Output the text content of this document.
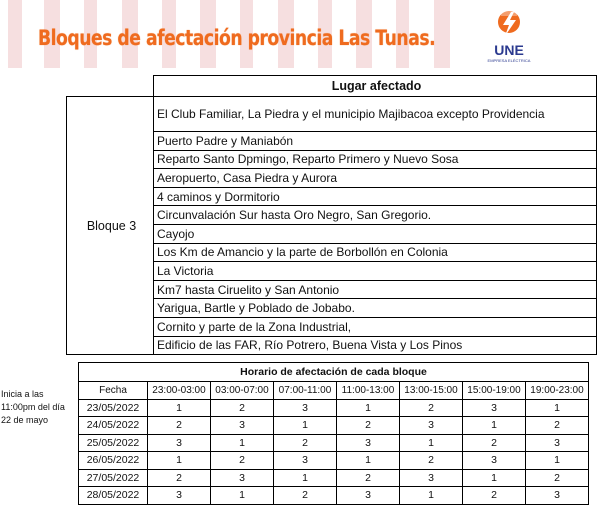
Bloques de afectación provincia Las Tunas.	UNE
EMPRESA ELÉCTRICA
	Lugar afectado
Bloque 3	El Club Familiar, La Piedra y el municipio Majibacoa excepto Providencia
	Puerto Padre y Maniabón
	Reparto Santo Dpmingo, Reparto Primero y Nuevo Sosa
	Aeropuerto, Casa Piedra y Aurora
	4 caminos y Dormitorio
	Circunvalación Sur hasta Oro Negro, San Gregorio.
	Cayojo
	Los Km de Amancio y la parte de Borbollón en Colonia
	La Victoria
	Km7 hasta Ciruelito y San Antonio
	Yarigua, Bartle y Poblado de Jobabo.
	Cornito y parte de la Zona Industrial,
	Edificio de las FAR, Río Potrero, Buena Vista y Los Pinos
Inicia a las
11:00pm del día
22 de mayo
Horario de afectación de cada bloque							
Fecha	23:00-03:00	03:00-07:00	07:00-11:00	11:00-13:00	13:00-15:00	15:00-19:00	19:00-23:00
23/05/2022	1	2	3	1	2	3	1
24/05/2022	2	3	1	2	3	1	2
25/05/2022	3	1	2	3	1	2	3
26/05/2022	1	2	3	1	2	3	1
27/05/2022	2	3	1	2	3	1	2
28/05/2022	3	1	2	3	1	2	3
